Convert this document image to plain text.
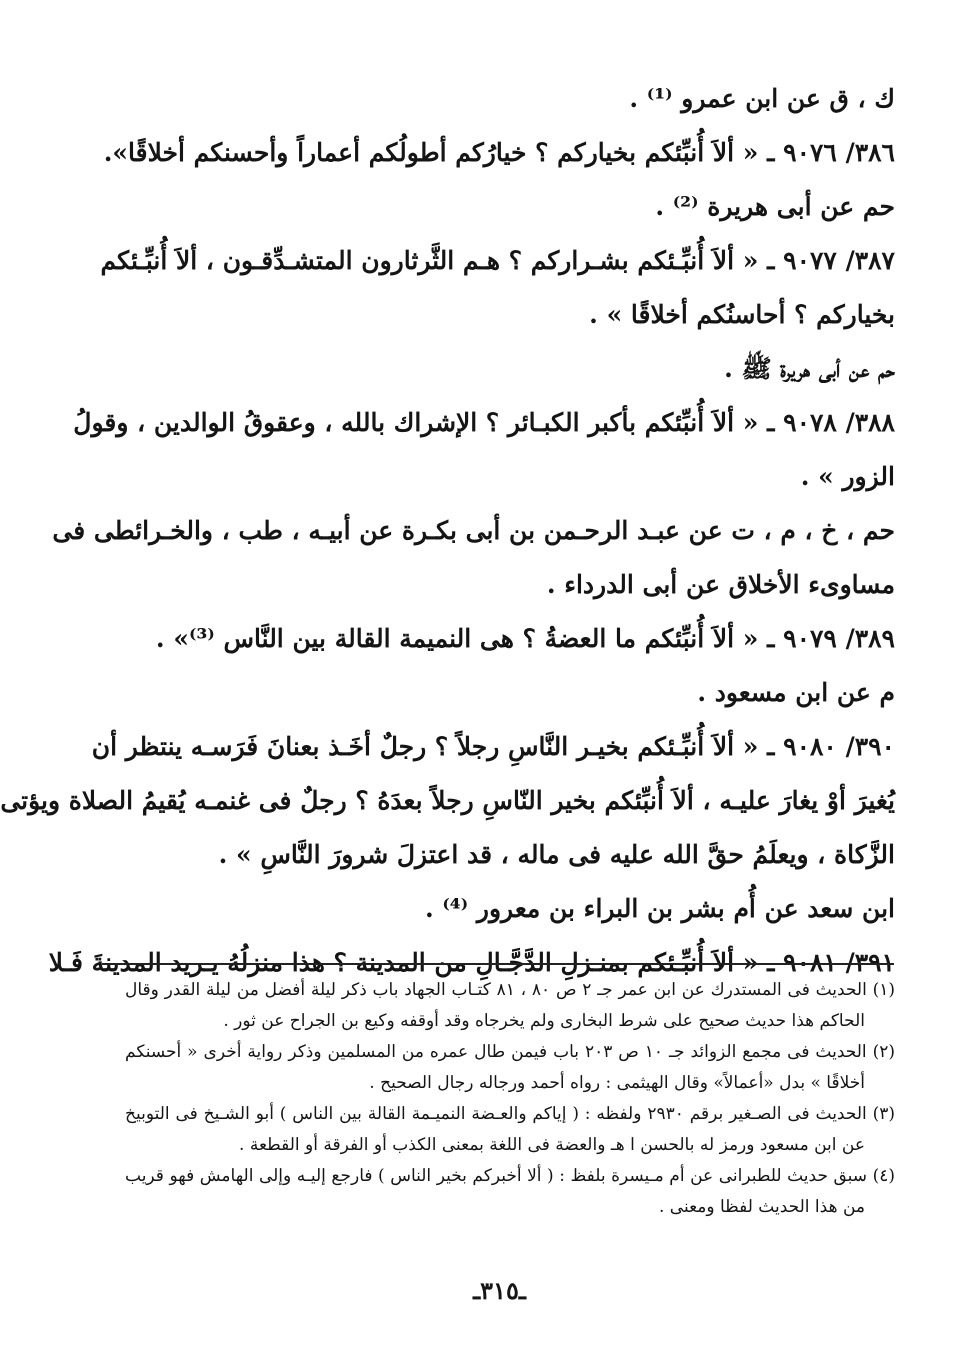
ك ، ق عن ابن عمرو ⁽¹⁾ .
٣٨٦/ ٩٠٧٦ ـ « ألاَ أُنبِّئكم بخياركم ؟ خيارُكم أطولُكم أعماراً وأحسنكم أخلاقًا».
حم عن أبى هريرة ⁽²⁾ .
٣٨٧/ ٩٠٧٧ ـ « ألاَ أُنبِّـئكم بشـراركم ؟ هـم الثَّرثارون المتشـدِّقـون ، ألاَ أُنبِّـئكم
بخياركم ؟ أحاسنُكم أخلاقًا » .
حم عن أبى هريرة ﷺ .
٣٨٨/ ٩٠٧٨ ـ « ألاَ أُنبِّئكم بأكبر الكبـائر ؟ الإشراك بالله ، وعقوقُ الوالدين ، وقولُ
الزور » .
حم ، خ ، م ، ت عن عبـد الرحـمن بن أبى بكـرة عن أبيـه ، طب ، والخـرائطى فى
مساوىء الأخلاق عن أبى الدرداء .
٣٨٩/ ٩٠٧٩ ـ « ألاَ أُنبِّئكم ما العضةُ ؟ هى النميمة القالة بين النَّاس ⁽³⁾» .
م عن ابن مسعود .
٣٩٠/ ٩٠٨٠ ـ « ألاَ أُنبِّـئكم بخيـر النَّاسِ رجلاً ؟ رجلٌ أخَـذ بعنانَ فَرَسـه ينتظر أن
يُغيرَ أوْ يغارَ عليـه ، ألاَ أُنبِّئكم بخير النّاسِ رجلاً بعدَهُ ؟ رجلٌ فى غنمـه يُقيمُ الصلاة ويؤتى
الزَّكاة ، ويعلَمُ حقَّ الله عليه فى ماله ، قد اعتزلَ شرورَ النَّاسِ » .
ابن سعد عن أُم بشر بن البراء بن معرور ⁽⁴⁾ .
٣٩١/ ٩٠٨١ ـ « ألاَ أُنبِّـئكم بمنـزلِ الدَّجَّـالِ من المدينة ؟ هذا منزلُهُ يـريد المدينةَ فَـلا
(١) الحديث فى المستدرك عن ابن عمر جـ ٢ ص ٨٠ ، ٨١ كتـاب الجهاد باب ذكر ليلة أفضل من ليلة القدر وقال
الحاكم هذا حديث صحيح على شرط البخارى ولم يخرجاه وقد أوقفه وكيع بن الجراح عن ثور .
(٢) الحديث فى مجمع الزوائد جـ ١٠ ص ٢٠٣ باب فيمن طال عمره من المسلمين وذكر رواية أخرى « أحسنكم
أخلاقًا » بدل «أعمالاً» وقال الهيثمى : رواه أحمد ورجاله رجال الصحيح .
(٣) الحديث فى الصـغير برقم ٢٩٣٠ ولفظه : ( إياكم والعـضة النميـمة القالة بين الناس ) أبو الشـيخ فى التوبيخ
عن ابن مسعود ورمز له بالحسن ا هـ والعضة فى اللغة بمعنى الكذب أو الفرقة أو القطعة .
(٤) سبق حديث للطبرانى عن أم مـيسرة بلفظ : ( ألا أخبركم بخير الناس ) فارجع إليـه وإلى الهامش فهو قريب
من هذا الحديث لفظا ومعنى .
ـ٣١٥ـ
